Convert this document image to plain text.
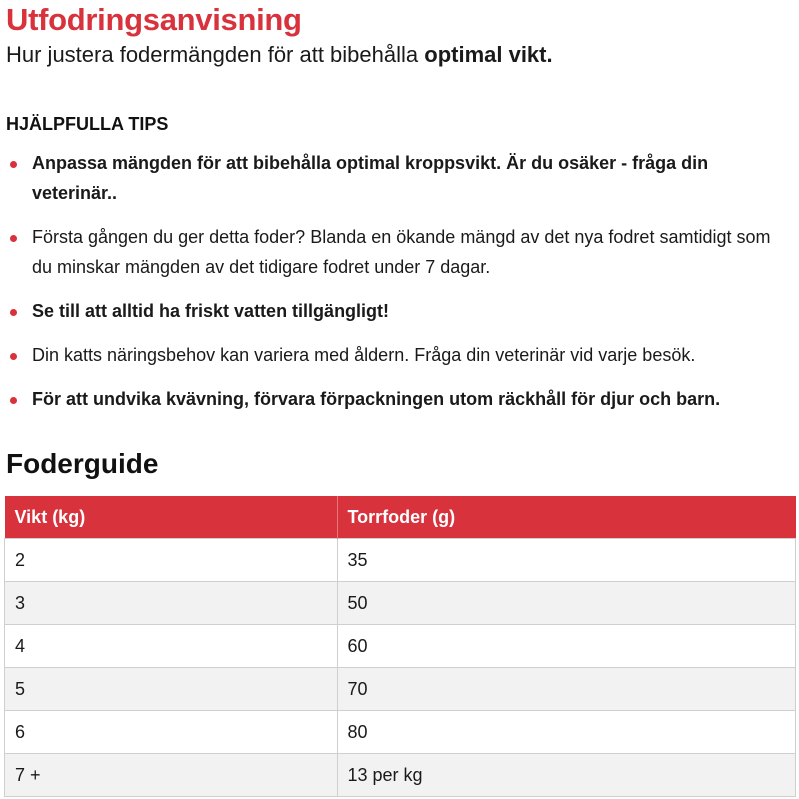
Utfodringsanvisning

Hur justera fodermängden för att bibehålla optimal vikt.

HJÄLPFULLA TIPS
Anpassa mängden för att bibehålla optimal kroppsvikt. Är du osäker - fråga din veterinär..
Första gången du ger detta foder? Blanda en ökande mängd av det nya fodret samtidigt som du minskar mängden av det tidigare fodret under 7 dagar.
Se till att alltid ha friskt vatten tillgängligt!
Din katts näringsbehov kan variera med åldern. Fråga din veterinär vid varje besök.
För att undvika kvävning, förvara förpackningen utom räckhåll för djur och barn.
Foderguide
Vikt (kg)	Torrfoder (g)
2	35
3	50
4	60
5	70
6	80
7 +	13 per kg
